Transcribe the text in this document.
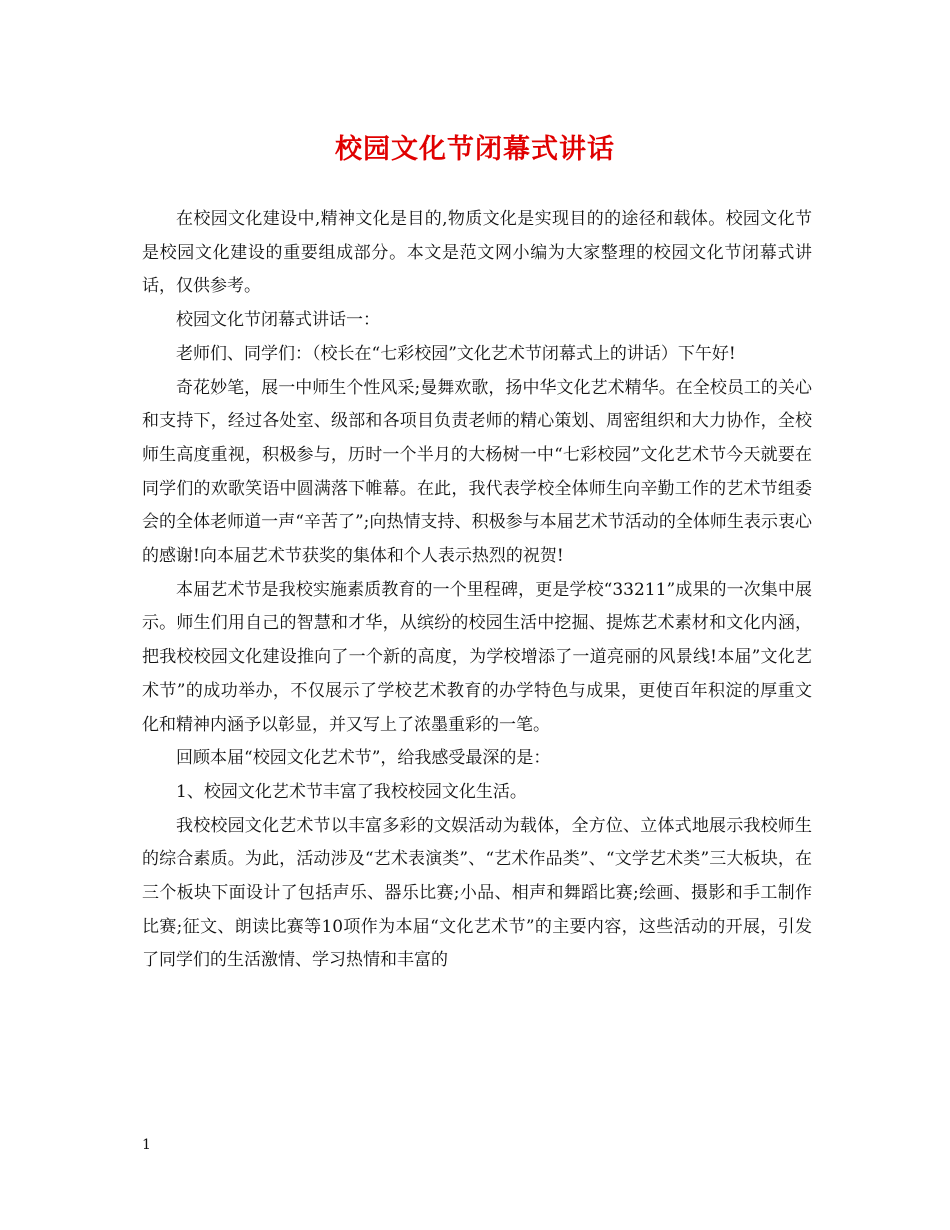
校园文化节闭幕式讲话

在校园文化建设中,精神文化是目的,物质文化是实现目的的途径和载体。校园文化节是校园文化建设的重要组成部分。本文是范文网小编为大家整理的校园文化节闭幕式讲话，仅供参考。

校园文化节闭幕式讲话一：

老师们、同学们：（校长在“七彩校园”文化艺术节闭幕式上的讲话）下午好!

奇花妙笔，展一中师生个性风采;曼舞欢歌，扬中华文化艺术精华。在全校员工的关心和支持下，经过各处室、级部和各项目负责老师的精心策划、周密组织和大力协作，全校师生高度重视，积极参与，历时一个半月的大杨树一中“七彩校园”文化艺术节今天就要在同学们的欢歌笑语中圆满落下帷幕。在此，我代表学校全体师生向辛勤工作的艺术节组委会的全体老师道一声“辛苦了”;向热情支持、积极参与本届艺术节活动的全体师生表示衷心的感谢!向本届艺术节获奖的集体和个人表示热烈的祝贺!

本届艺术节是我校实施素质教育的一个里程碑，更是学校“33211”成果的一次集中展示。师生们用自己的智慧和才华，从缤纷的校园生活中挖掘、提炼艺术素材和文化内涵，把我校校园文化建设推向了一个新的高度，为学校增添了一道亮丽的风景线!本届”文化艺术节”的成功举办，不仅展示了学校艺术教育的办学特色与成果，更使百年积淀的厚重文化和精神内涵予以彰显，并又写上了浓墨重彩的一笔。

回顾本届“校园文化艺术节”，给我感受最深的是：

1、校园文化艺术节丰富了我校校园文化生活。

我校校园文化艺术节以丰富多彩的文娱活动为载体，全方位、立体式地展示我校师生的综合素质。为此，活动涉及“艺术表演类”、“艺术作品类”、“文学艺术类”三大板块，在三个板块下面设计了包括声乐、器乐比赛;小品、相声和舞蹈比赛;绘画、摄影和手工制作比赛;征文、朗读比赛等10项作为本届“文化艺术节”的主要内容，这些活动的开展，引发了同学们的生活激情、学习热情和丰富的

1
